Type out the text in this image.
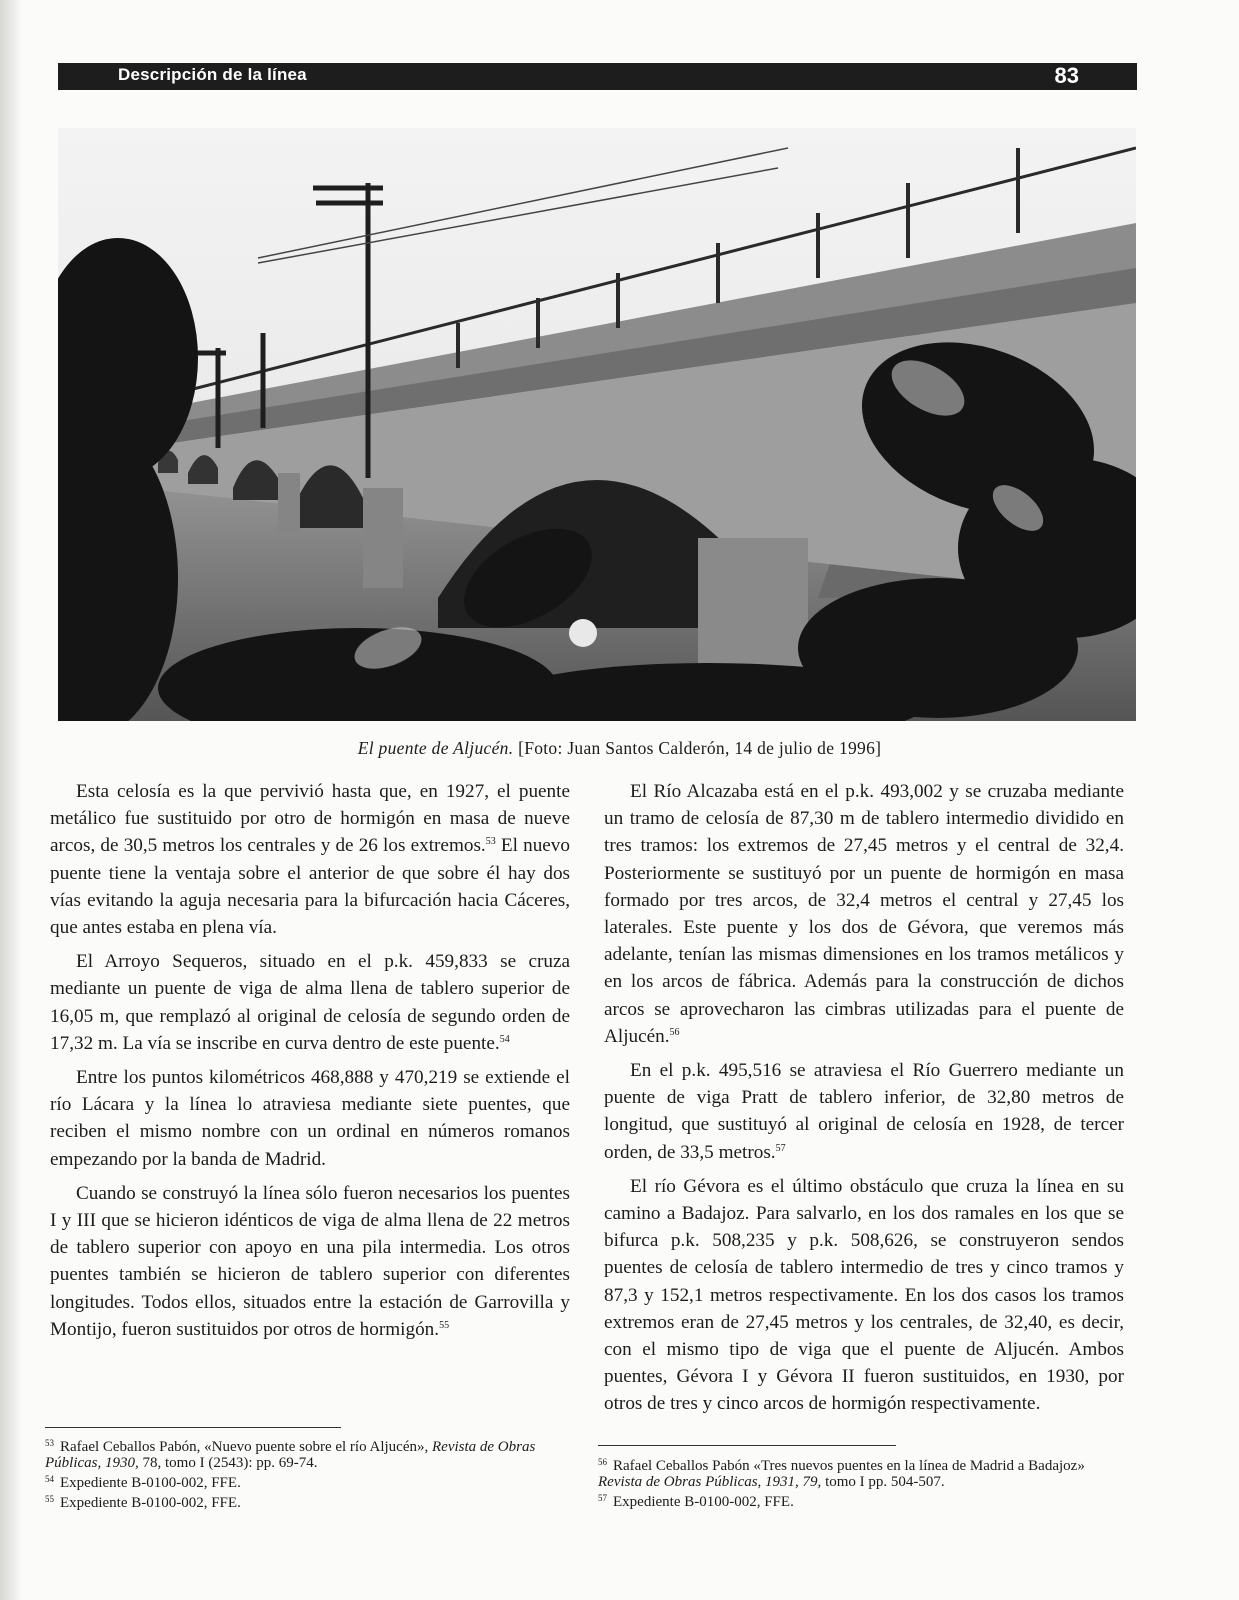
Descripción de la línea	83
El puente de Aljucén. [Foto: Juan Santos Calderón, 14 de julio de 1996]

Esta celosía es la que pervivió hasta que, en 1927, el puente metálico fue sustituido por otro de hormigón en masa de nueve arcos, de 30,5 metros los centrales y de 26 los extremos.$^{53}$ El nuevo puente tiene la ventaja sobre el anterior de que sobre él hay dos vías evitando la aguja necesaria para la bifurcación hacia Cáceres, que antes estaba en plena vía.

El Arroyo Sequeros, situado en el p.k. 459,833 se cruza mediante un puente de viga de alma llena de tablero superior de 16,05 m, que remplazó al original de celosía de segundo orden de 17,32 m. La vía se inscribe en curva dentro de este puente.$^{54}$

Entre los puntos kilométricos 468,888 y 470,219 se extiende el río Lácara y la línea lo atraviesa mediante siete puentes, que reciben el mismo nombre con un ordinal en números romanos empezando por la banda de Madrid.

Cuando se construyó la línea sólo fueron necesarios los puentes I y III que se hicieron idénticos de viga de alma llena de 22 metros de tablero superior con apoyo en una pila intermedia. Los otros puentes también se hicieron de tablero superior con diferentes longitudes. Todos ellos, situados entre la estación de Garrovilla y Montijo, fueron sustituidos por otros de hormigón.$^{55}$

El Río Alcazaba está en el p.k. 493,002 y se cruzaba mediante un tramo de celosía de 87,30 m de tablero intermedio dividido en tres tramos: los extremos de 27,45 metros y el central de 32,4. Posteriormente se sustituyó por un puente de hormigón en masa formado por tres arcos, de 32,4 metros el central y 27,45 los laterales. Este puente y los dos de Gévora, que veremos más adelante, tenían las mismas dimensiones en los tramos metálicos y en los arcos de fábrica. Además para la construcción de dichos arcos se aprovecharon las cimbras utilizadas para el puente de Aljucén.$^{56}$

En el p.k. 495,516 se atraviesa el Río Guerrero mediante un puente de viga Pratt de tablero inferior, de 32,80 metros de longitud, que sustituyó al original de celosía en 1928, de tercer orden, de 33,5 metros.$^{57}$

El río Gévora es el último obstáculo que cruza la línea en su camino a Badajoz. Para salvarlo, en los dos ramales en los que se bifurca p.k. 508,235 y p.k. 508,626, se construyeron sendos puentes de celosía de tablero intermedio de tres y cinco tramos y 87,3 y 152,1 metros respectivamente. En los dos casos los tramos extremos eran de 27,45 metros y los centrales, de 32,40, es decir, con el mismo tipo de viga que el puente de Aljucén. Ambos puentes, Gévora I y Gévora II fueron sustituidos, en 1930, por otros de tres y cinco arcos de hormigón respectivamente.

$^{53}$ Rafael Ceballos Pabón, «Nuevo puente sobre el río Aljucén», Revista de Obras Públicas, 1930, 78, tomo I (2543): pp. 69-74.

$^{54}$ Expediente B-0100-002, FFE.

$^{55}$ Expediente B-0100-002, FFE.

$^{56}$ Rafael Ceballos Pabón «Tres nuevos puentes en la línea de Madrid a Badajoz» Revista de Obras Públicas, 1931, 79, tomo I pp. 504-507.

$^{57}$ Expediente B-0100-002, FFE.
